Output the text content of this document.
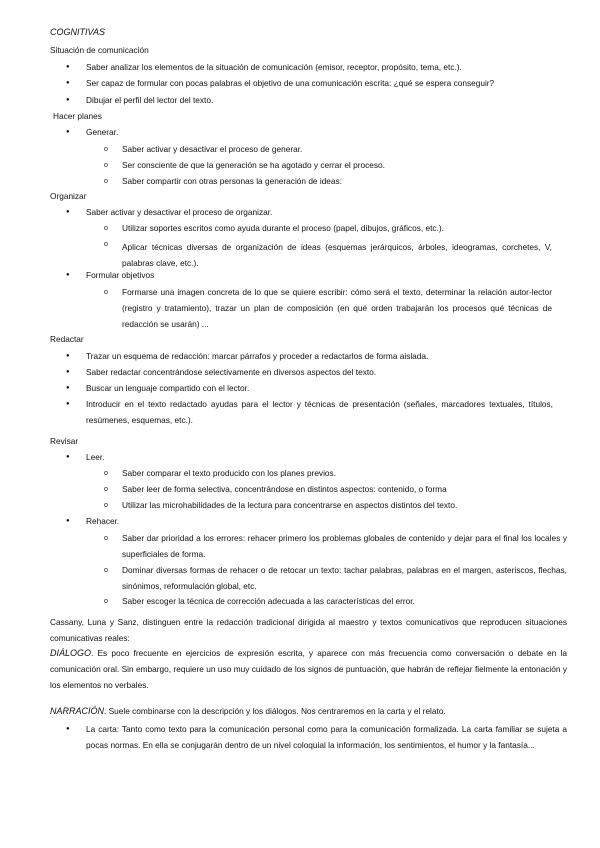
COGNITIVAS
Situación de comunicación
● Saber analizar los elementos de la situación de comunicación (emisor, receptor, propósito, tema, etc.).
● Ser capaz de formular con pocas palabras el objetivo de una comunicación escrita: ¿qué se espera conseguir?
● Dibujar el perfil del lector del texto.
Hacer planes
● Generar.
o Saber activar y desactivar el proceso de generar.
o Ser consciente de que la generación se ha agotado y cerrar el proceso.
o Saber compartir con otras personas la generación de ideas:
Organizar
● Saber activar y desactivar el proceso de organizar.
o Utilizar soportes escritos como ayuda durante el proceso (papel, dibujos, gráficos, etc.).
o Aplicar técnicas diversas de organización de ideas (esquemas jerárquicos, árboles, ideogramas, corchetes, V, palabras clave, etc.).
● Formular objetivos
o Formarse una imagen concreta de lo que se quiere escribir: cómo será el texto, determinar la relación autor-lector (registro y tratamiento), trazar un plan de composición (en qué orden trabajarán los procesos qué técnicas de redacción se usarán) ...
Redactar
● Trazar un esquema de redacción: marcar párrafos y proceder a redactarlos de forma aislada.
● Saber redactar concentrándose selectivamente en diversos aspectos del texto.
● Buscar un lenguaje compartido con el lector.
● Introducir en el texto redactado ayudas para el lector y técnicas de presentación (señales, marcadores textuales, títulos, resúmenes, esquemas, etc.).
Revisar
● Leer.
o Saber comparar el texto producido con los planes previos.
o Saber leer de forma selectiva, concentrándose en distintos aspectos: contenido, o forma
o Utilizar las microhabilidades de la lectura para concentrarse en aspectos distintos del texto.
● Rehacer.
o Saber dar prioridad a los errores: rehacer primero los problemas globales de contenido y dejar para el final los locales y superficiales de forma.
o Dominar diversas formas de rehacer o de retocar un texto: tachar palabras, palabras en el margen, asteriscos, flechas, sinónimos, reformulación global, etc.
o Saber escoger la técnica de corrección adecuada a las características del error.
Cassany, Luna y Sanz, distinguen entre la redacción tradicional dirigida al maestro y textos comunicativos que reproducen situaciones comunicativas reales:
DIÁLOGO. Es poco frecuente en ejercicios de expresión escrita, y aparece con más frecuencia como conversación o debate en la comunicación oral. Sin embargo, requiere un uso muy cuidado de los signos de puntuación, que habrán de reflejar fielmente la entonación y los elementos no verbales.
NARRACIÓN. Suele combinarse con la descripción y los diálogos. Nos centraremos en la carta y el relato.
● La carta: Tanto como texto para la comunicación personal como para la comunicación formalizada. La carta familiar se sujeta a pocas normas. En ella se conjugarán dentro de un nivel coloquial la información, los sentimientos, el humor y la fantasía...
